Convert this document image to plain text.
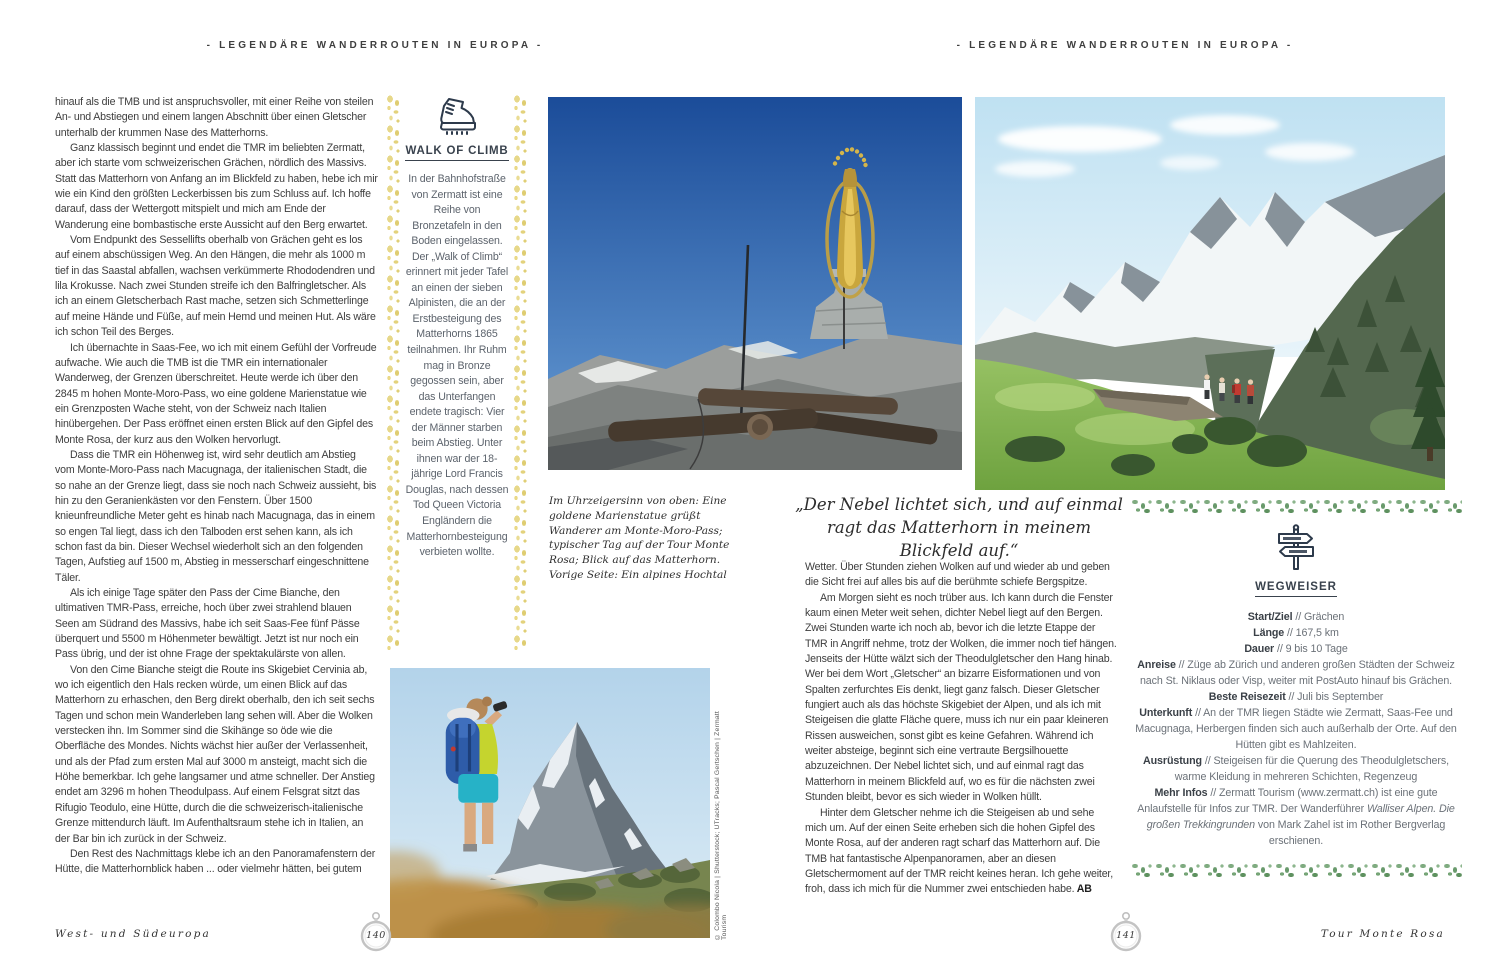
- LEGENDÄRE WANDERROUTEN IN EUROPA -	- LEGENDÄRE WANDERROUTEN IN EUROPA -

hinauf als die TMB und ist anspruchsvoller, mit einer Reihe von steilen An- und Abstiegen und einem langen Abschnitt über einen Gletscher unterhalb der krummen Nase des Matterhorns.

Ganz klassisch beginnt und endet die TMR im beliebten Zermatt, aber ich starte vom schweizerischen Grächen, nördlich des Massivs. Statt das Matterhorn von Anfang an im Blickfeld zu haben, hebe ich mir wie ein Kind den größten Leckerbissen bis zum Schluss auf. Ich hoffe darauf, dass der Wettergott mitspielt und mich am Ende der Wanderung eine bombastische erste Aussicht auf den Berg erwartet.

Vom Endpunkt des Sessellifts oberhalb von Grächen geht es los auf einem abschüssigen Weg. An den Hängen, die mehr als 1000 m tief in das Saastal abfallen, wachsen verkümmerte Rhododendren und lila Krokusse. Nach zwei Stunden streife ich den Balfringletscher. Als ich an einem Gletscherbach Rast mache, setzen sich Schmetterlinge auf meine Hände und Füße, auf mein Hemd und meinen Hut. Als wäre ich schon Teil des Berges.

Ich übernachte in Saas-Fee, wo ich mit einem Gefühl der Vorfreude aufwache. Wie auch die TMB ist die TMR ein internationaler Wanderweg, der Grenzen überschreitet. Heute werde ich über den 2845 m hohen Monte-Moro-Pass, wo eine goldene Marienstatue wie ein Grenzposten Wache steht, von der Schweiz nach Italien hinübergehen. Der Pass eröffnet einen ersten Blick auf den Gipfel des Monte Rosa, der kurz aus den Wolken hervorlugt.

Dass die TMR ein Höhenweg ist, wird sehr deutlich am Abstieg vom Monte-Moro-Pass nach Macugnaga, der italienischen Stadt, die so nahe an der Grenze liegt, dass sie noch nach Schweiz aussieht, bis hin zu den Geranienkästen vor den Fenstern. Über 1500 knieunfreundliche Meter geht es hinab nach Macugnaga, das in einem so engen Tal liegt, dass ich den Talboden erst sehen kann, als ich schon fast da bin. Dieser Wechsel wiederholt sich an den folgenden Tagen, Aufstieg auf 1500 m, Abstieg in messerscharf eingeschnittene Täler.

Als ich einige Tage später den Pass der Cime Bianche, den ultimativen TMR-Pass, erreiche, hoch über zwei strahlend blauen Seen am Südrand des Massivs, habe ich seit Saas-Fee fünf Pässe überquert und 5500 m Höhenmeter bewältigt. Jetzt ist nur noch ein Pass übrig, und der ist ohne Frage der spektakulärste von allen.

Von den Cime Bianche steigt die Route ins Skigebiet Cervinia ab, wo ich eigentlich den Hals recken würde, um einen Blick auf das Matterhorn zu erhaschen, den Berg direkt oberhalb, den ich seit sechs Tagen und schon mein Wanderleben lang sehen will. Aber die Wolken verstecken ihn. Im Sommer sind die Skihänge so öde wie die Oberfläche des Mondes. Nichts wächst hier außer der Verlassenheit, und als der Pfad zum ersten Mal auf 3000 m ansteigt, macht sich die Höhe bemerkbar. Ich gehe langsamer und atme schneller. Der Anstieg endet am 3296 m hohen Theodulpass. Auf einem Felsgrat sitzt das Rifugio Teodulo, eine Hütte, durch die die schweizerisch-italienische Grenze mittendurch läuft. Im Aufenthaltsraum stehe ich in Italien, an der Bar bin ich zurück in der Schweiz.

Den Rest des Nachmittags klebe ich an den Panoramafenstern der Hütte, die Matterhornblick haben ... oder vielmehr hätten, bei gutem

WALK OF CLIMB
In der Bahnhofstraße von Zermatt ist eine Reihe von Bronzetafeln in den Boden eingelassen. Der „Walk of Climb“ erinnert mit jeder Tafel an einen der sieben Alpinisten, die an der Erstbesteigung des Matterhorns 1865 teilnahmen. Ihr Ruhm mag in Bronze gegossen sein, aber das Unterfangen endete tragisch: Vier der Männer starben beim Abstieg. Unter ihnen war der 18-jährige Lord Francis Douglas, nach dessen Tod Queen Victoria Engländern die Matterhornbesteigung verbieten wollte.
Im Uhrzeigersinn von oben: Eine goldene Marienstatue grüßt Wanderer am Monte-Moro-Pass; typischer Tag auf der Tour Monte Rosa; Blick auf das Matterhorn. Vorige Seite: Ein alpines Hochtal
„Der Nebel lichtet sich, und auf einmal ragt das Matterhorn in meinem Blickfeld auf.“

Wetter. Über Stunden ziehen Wolken auf und wieder ab und geben die Sicht frei auf alles bis auf die berühmte schiefe Bergspitze.

Am Morgen sieht es noch trüber aus. Ich kann durch die Fenster kaum einen Meter weit sehen, dichter Nebel liegt auf den Bergen. Zwei Stunden warte ich noch ab, bevor ich die letzte Etappe der TMR in Angriff nehme, trotz der Wolken, die immer noch tief hängen. Jenseits der Hütte wälzt sich der Theodulgletscher den Hang hinab. Wer bei dem Wort „Gletscher“ an bizarre Eisformationen und von Spalten zerfurchtes Eis denkt, liegt ganz falsch. Dieser Gletscher fungiert auch als das höchste Skigebiet der Alpen, und als ich mit Steigeisen die glatte Fläche quere, muss ich nur ein paar kleineren Rissen ausweichen, sonst gibt es keine Gefahren. Während ich weiter absteige, beginnt sich eine vertraute Bergsilhouette abzuzeichnen. Der Nebel lichtet sich, und auf einmal ragt das Matterhorn in meinem Blickfeld auf, wo es für die nächsten zwei Stunden bleibt, bevor es sich wieder in Wolken hüllt.

Hinter dem Gletscher nehme ich die Steigeisen ab und sehe mich um. Auf der einen Seite erheben sich die hohen Gipfel des Monte Rosa, auf der anderen ragt scharf das Matterhorn auf. Die TMB hat fantastische Alpenpanoramen, aber an diesen Gletschermoment auf der TMR reicht keines heran. Ich gehe weiter, froh, dass ich mich für die Nummer zwei entschieden habe. AB

© Colombo Nicola | Shutterstock; UTracks; Pascal Gertschen | Zermatt Tourism
WEGWEISER
Start/Ziel // Grächen
Länge // 167,5 km
Dauer // 9 bis 10 Tage
Anreise // Züge ab Zürich und anderen großen Städten der Schweiz nach St. Niklaus oder Visp, weiter mit PostAuto hinauf bis Grächen.
Beste Reisezeit // Juli bis September
Unterkunft // An der TMR liegen Städte wie Zermatt, Saas-Fee und Macugnaga, Herbergen finden sich auch außerhalb der Orte. Auf den Hütten gibt es Mahlzeiten.
Ausrüstung // Steigeisen für die Querung des Theodulgletschers, warme Kleidung in mehreren Schichten, Regenzeug
Mehr Infos // Zermatt Tourism (www.zermatt.ch) ist eine gute Anlaufstelle für Infos zur TMR. Der Wanderführer Walliser Alpen. Die großen Trekkingrunden von Mark Zahel ist im Rother Bergverlag erschienen.
West- und Südeuropa	140	141	Tour Monte Rosa
